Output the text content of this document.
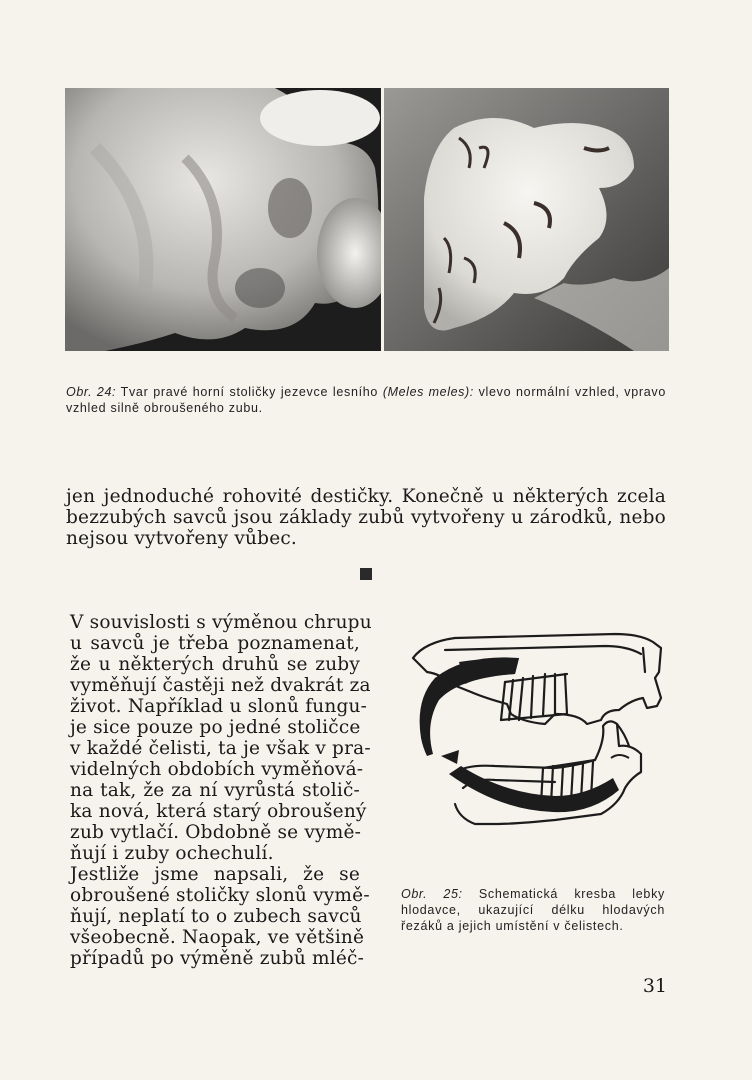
Obr. 24: Tvar pravé horní stoličky jezevce lesního (Meles meles): vlevo normální vzhled, vpravo vzhled silně obroušeného zubu.
jen jednoduché rohovité destičky. Konečně u některých zcela
bezzubých savců jsou základy zubů vytvořeny u zárodků, nebo
nejsou vytvořeny vůbec.
V souvislosti s výměnou chrupu
u savců je třeba poznamenat,
že u některých druhů se zuby
vyměňují častěji než dvakrát za
život. Například u slonů fungu-
je sice pouze po jedné stoličce
v každé čelisti, ta je však v pra-
videlných obdobích vyměňová-
na tak, že za ní vyrůstá stolič-
ka nová, která starý obroušený
zub vytlačí. Obdobně se vymě-
ňují i zuby ochechulí.
Jestliže jsme napsali, že se
obroušené stoličky slonů vymě-
ňují, neplatí to o zubech savců
všeobecně. Naopak, ve většině
případů po výměně zubů mléč-
Obr. 25: Schematická kresba lebky hlodavce, ukazující délku hlodavých řezáků a jejich umístění v čelistech.
31
